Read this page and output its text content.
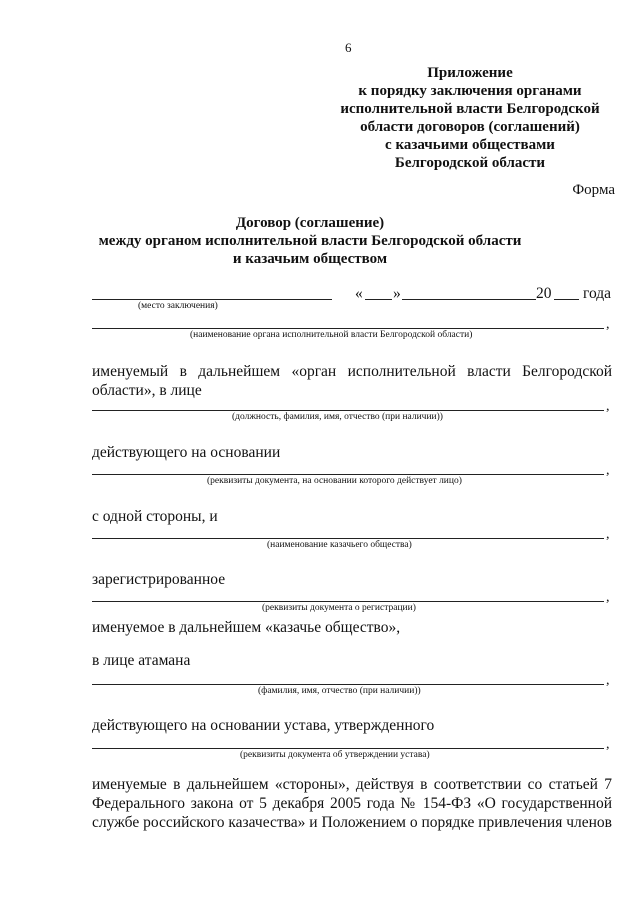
6
Приложение
к порядку заключения органами
исполнительной власти Белгородской
области договоров (соглашений)
с казачьими обществами
Белгородской области
Форма
Договор (соглашение)
между органом исполнительной власти Белгородской области
и казачьим обществом
(место заключения)
« »	20 года
,
(наименование органа исполнительной власти Белгородской области)
именуемый в дальнейшем «орган исполнительной власти Белгородской
области», в лице
,
(должность, фамилия, имя, отчество (при наличии))
действующего на основании
,
(реквизиты документа, на основании которого действует лицо)
с одной стороны, и
,
(наименование казачьего общества)
зарегистрированное
,
(реквизиты документа о регистрации)
именуемое в дальнейшем «казачье общество»,
в лице атамана
,
(фамилия, имя, отчество (при наличии))
действующего на основании устава, утвержденного
,
(реквизиты документа об утверждении устава)
именуемые в дальнейшем «стороны», действуя в соответствии со статьей 7
Федерального закона от 5 декабря 2005 года № 154-ФЗ «О государственной
службе российского казачества» и Положением о порядке привлечения членов
